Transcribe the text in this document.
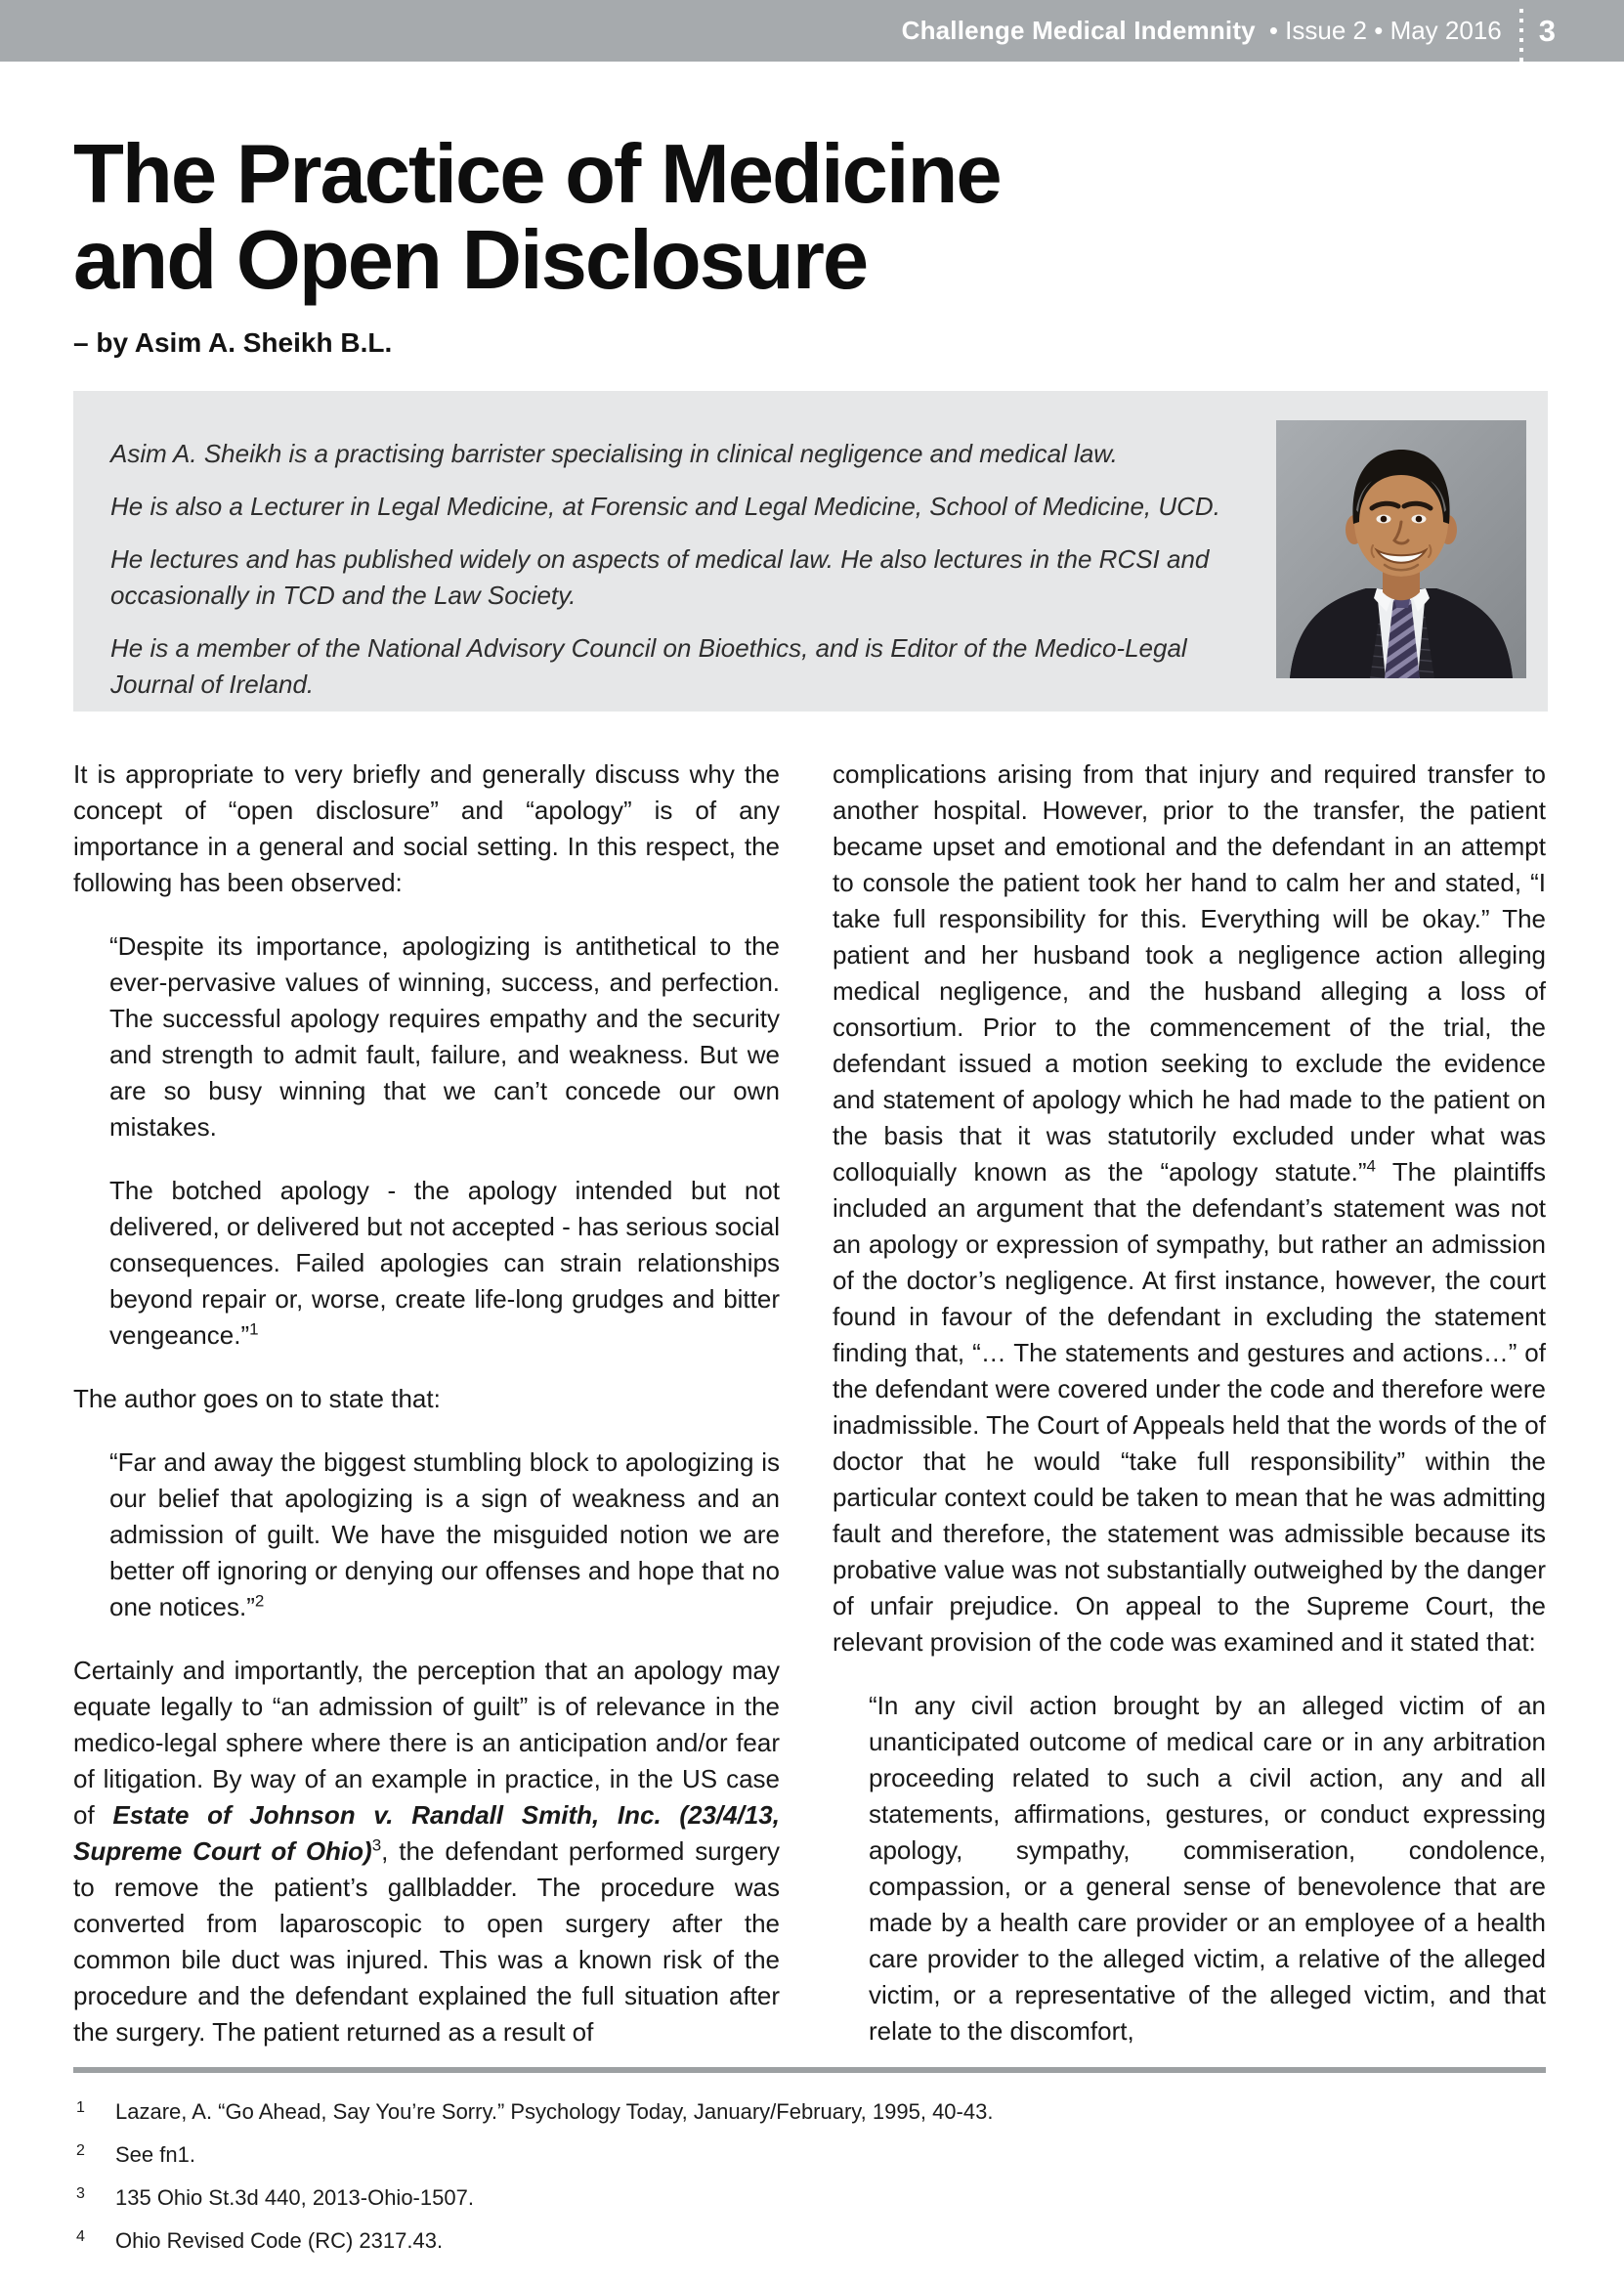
Challenge Medical Indemnity • Issue 2 • May 2016 3
The Practice of Medicine
and Open Disclosure
– by Asim A. Sheikh B.L.

Asim A. Sheikh is a practising barrister specialising in clinical negligence and medical law.

He is also a Lecturer in Legal Medicine, at Forensic and Legal Medicine, School of Medicine, UCD.

He lectures and has published widely on aspects of medical law. He also lectures in the RCSI and occasionally in TCD and the Law Society.

He is a member of the National Advisory Council on Bioethics, and is Editor of the Medico-Legal Journal of Ireland.

It is appropriate to very briefly and generally discuss why the concept of “open disclosure” and “apology” is of any importance in a general and social setting. In this respect, the following has been observed:

“Despite its importance, apologizing is antithetical to the ever-pervasive values of winning, success, and perfection. The successful apology requires empathy and the security and strength to admit fault, failure, and weakness. But we are so busy winning that we can’t concede our own mistakes.

The botched apology - the apology intended but not delivered, or delivered but not accepted - has serious social consequences. Failed apologies can strain relationships beyond repair or, worse, create life-long grudges and bitter vengeance.”$^1$

The author goes on to state that:

“Far and away the biggest stumbling block to apologizing is our belief that apologizing is a sign of weakness and an admission of guilt. We have the misguided notion we are better off ignoring or denying our offenses and hope that no one notices.”$^2$

Certainly and importantly, the perception that an apology may equate legally to “an admission of guilt” is of relevance in the medico-legal sphere where there is an anticipation and/or fear of litigation. By way of an example in practice, in the US case of Estate of Johnson v. Randall Smith, Inc. (23/4/13, Supreme Court of Ohio)$^3$, the defendant performed surgery to remove the patient’s gallbladder. The procedure was converted from laparoscopic to open surgery after the common bile duct was injured. This was a known risk of the procedure and the defendant explained the full situation after the surgery. The patient returned as a result of

complications arising from that injury and required transfer to another hospital. However, prior to the transfer, the patient became upset and emotional and the defendant in an attempt to console the patient took her hand to calm her and stated, “I take full responsibility for this. Everything will be okay.” The patient and her husband took a negligence action alleging medical negligence, and the husband alleging a loss of consortium. Prior to the commencement of the trial, the defendant issued a motion seeking to exclude the evidence and statement of apology which he had made to the patient on the basis that it was statutorily excluded under what was colloquially known as the “apology statute.”$^4$ The plaintiffs included an argument that the defendant’s statement was not an apology or expression of sympathy, but rather an admission of the doctor’s negligence. At first instance, however, the court found in favour of the defendant in excluding the statement finding that, “… The statements and gestures and actions…” of the defendant were covered under the code and therefore were inadmissible. The Court of Appeals held that the words of the of doctor that he would “take full responsibility” within the particular context could be taken to mean that he was admitting fault and therefore, the statement was admissible because its probative value was not substantially outweighed by the danger of unfair prejudice. On appeal to the Supreme Court, the relevant provision of the code was examined and it stated that:

“In any civil action brought by an alleged victim of an unanticipated outcome of medical care or in any arbitration proceeding related to such a civil action, any and all statements, affirmations, gestures, or conduct expressing apology, sympathy, commiseration, condolence, compassion, or a general sense of benevolence that are made by a health care provider or an employee of a health care provider to the alleged victim, a relative of the alleged victim, or a representative of the alleged victim, and that relate to the discomfort,

1	Lazare, A. “Go Ahead, Say You’re Sorry.” Psychology Today, January/February, 1995, 40-43.
2	See fn1.
3	135 Ohio St.3d 440, 2013-Ohio-1507.
4	Ohio Revised Code (RC) 2317.43.
